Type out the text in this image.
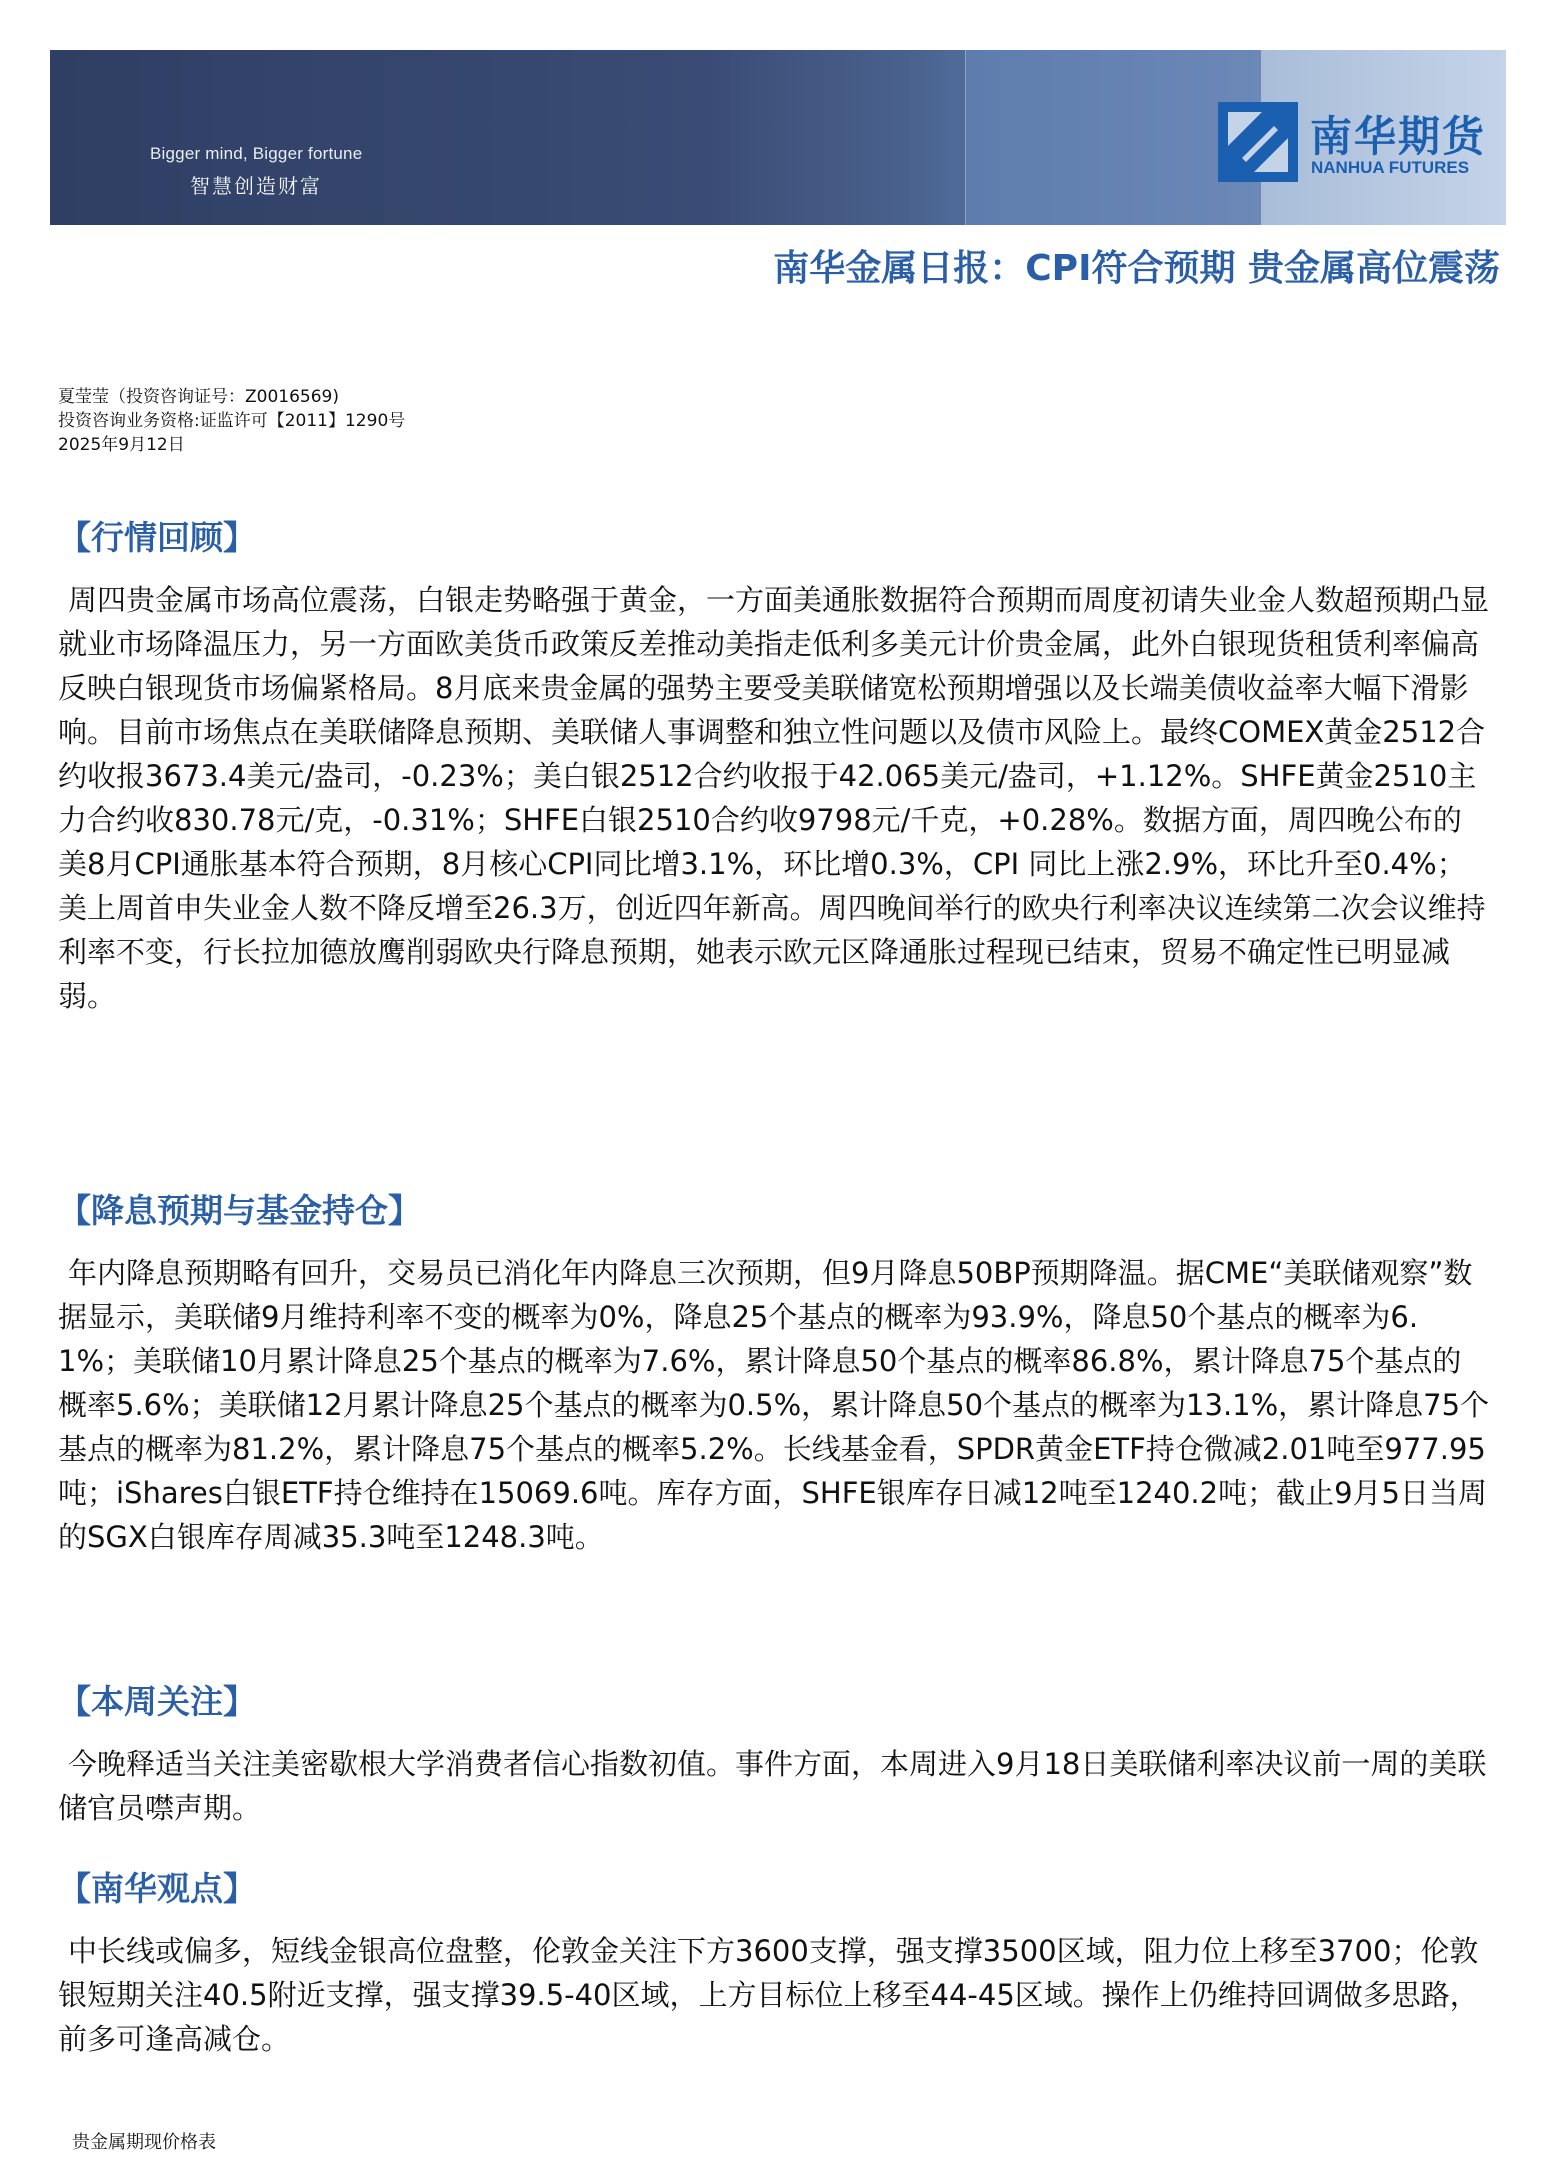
Bigger mind, Bigger fortune
智慧创造财富
南华期货
NANHUA FUTURES
南华金属日报：CPI符合预期 贵金属高位震荡
夏莹莹（投资咨询证号：Z0016569)
投资咨询业务资格:证监许可【2011】1290号
2025年9月12日
【行情回顾】
周四贵金属市场高位震荡，白银走势略强于黄金，一方面美通胀数据符合预期而周度初请失业金人数超预期凸显就业市场降温压力，另一方面欧美货币政策反差推动美指走低利多美元计价贵金属，此外白银现货租赁利率偏高反映白银现货市场偏紧格局。8月底来贵金属的强势主要受美联储宽松预期增强以及长端美债收益率大幅下滑影响。目前市场焦点在美联储降息预期、美联储人事调整和独立性问题以及债市风险上。最终COMEX黄金2512合约收报3673.4美元/盎司，-0.23%；美白银2512合约收报于42.065美元/盎司，+1.12%。SHFE黄金2510主力合约收830.78元/克，-0.31%；SHFE白银2510合约收9798元/千克，+0.28%。数据方面，周四晚公布的美8月CPI通胀基本符合预期，8月核心CPI同比增3.1%，环比增0.3%，CPI 同比上涨2.9%，环比升至0.4%；美上周首申失业金人数不降反增至26.3万，创近四年新高。周四晚间举行的欧央行利率决议连续第二次会议维持利率不变，行长拉加德放鹰削弱欧央行降息预期，她表示欧元区降通胀过程现已结束，贸易不确定性已明显减弱。
【降息预期与基金持仓】
年内降息预期略有回升，交易员已消化年内降息三次预期，但9月降息50BP预期降温。据CME“美联储观察”数据显示，美联储9月维持利率不变的概率为0%，降息25个基点的概率为93.9%，降息50个基点的概率为6.1%；美联储10月累计降息25个基点的概率为7.6%，累计降息50个基点的概率86.8%，累计降息75个基点的概率5.6%；美联储12月累计降息25个基点的概率为0.5%，累计降息50个基点的概率为13.1%，累计降息75个基点的概率为81.2%，累计降息75个基点的概率5.2%。长线基金看，SPDR黄金ETF持仓微减2.01吨至977.95吨；iShares白银ETF持仓维持在15069.6吨。库存方面，SHFE银库存日减12吨至1240.2吨；截止9月5日当周的SGX白银库存周减35.3吨至1248.3吨。
【本周关注】
今晚释适当关注美密歇根大学消费者信心指数初值。事件方面，本周进入9月18日美联储利率决议前一周的美联储官员噤声期。
【南华观点】
中长线或偏多，短线金银高位盘整，伦敦金关注下方3600支撑，强支撑3500区域，阻力位上移至3700；伦敦银短期关注40.5附近支撑，强支撑39.5-40区域，上方目标位上移至44-45区域。操作上仍维持回调做多思路，前多可逢高减仓。
贵金属期现价格表
